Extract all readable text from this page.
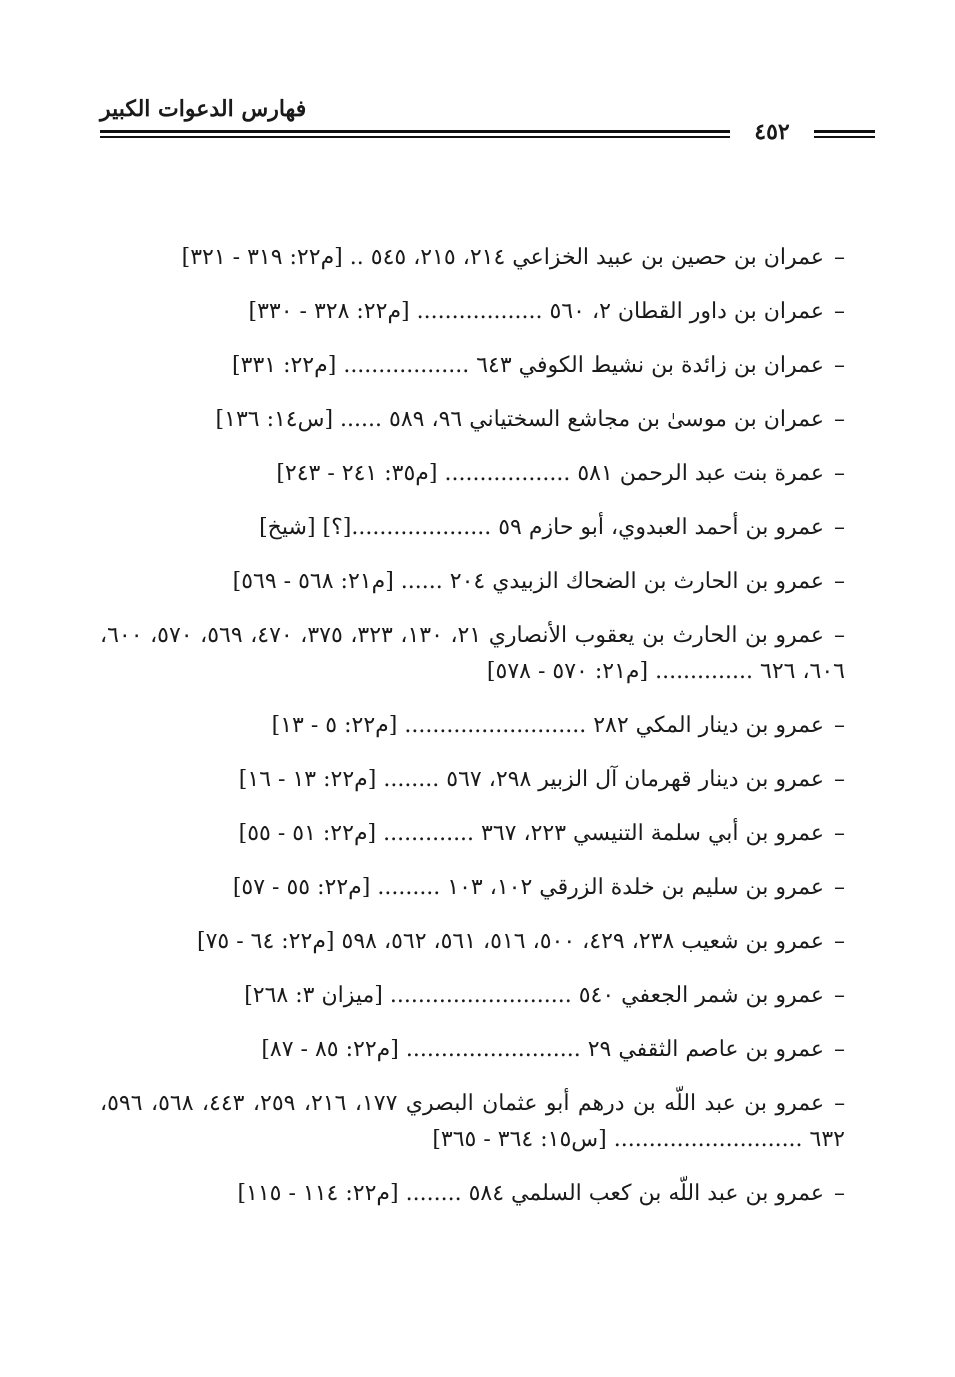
فهارس الدعوات الكبير
٤٥٢
–عمران بن حصين بن عبيد الخزاعي ٢١٤، ٢١٥، ٥٤٥ .. [م٢٢: ٣١٩ - ٣٢١]
–عمران بن داور القطان ٢، ٥٦٠ .................. [م٢٢: ٣٢٨ - ٣٣٠]
–عمران بن زائدة بن نشيط الكوفي ٦٤٣ .................. [م٢٢: ٣٣١]
–عمران بن موسىٰ بن مجاشع السختياني ٩٦، ٥٨٩ ...... [س١٤: ١٣٦]
–عمرة بنت عبد الرحمن ٥٨١ .................. [م٣٥: ٢٤١ - ٢٤٣]
–عمرو بن أحمد العبدوي، أبو حازم ٥٩ ....................[؟] [شيخ]
–عمرو بن الحارث بن الضحاك الزبيدي ٢٠٤ ...... [م٢١: ٥٦٨ - ٥٦٩]
–عمرو بن الحارث بن يعقوب الأنصاري ٢١، ١٣٠، ٣٢٣، ٣٧٥، ٤٧٠، ٥٦٩، ٥٧٠، ٦٠٠، ٦٠٦، ٦٢٦ .............. [م٢١: ٥٧٠ - ٥٧٨]
–عمرو بن دينار المكي ٢٨٢ .......................... [م٢٢: ٥ - ١٣]
–عمرو بن دينار قهرمان آل الزبير ٢٩٨، ٥٦٧ ........ [م٢٢: ١٣ - ١٦]
–عمرو بن أبي سلمة التنيسي ٢٢٣، ٣٦٧ ............. [م٢٢: ٥١ - ٥٥]
–عمرو بن سليم بن خلدة الزرقي ١٠٢، ١٠٣ ......... [م٢٢: ٥٥ - ٥٧]
–عمرو بن شعيب ٢٣٨، ٤٢٩، ٥٠٠، ٥١٦، ٥٦١، ٥٦٢، ٥٩٨ [م٢٢: ٦٤ - ٧٥]
–عمرو بن شمر الجعفي ٥٤٠ .......................... [ميزان ٣: ٢٦٨]
–عمرو بن عاصم الثقفي ٢٩ ......................... [م٢٢: ٨٥ - ٨٧]
–عمرو بن عبد اللّه بن درهم أبو عثمان البصري ١٧٧، ٢١٦، ٢٥٩، ٤٤٣، ٥٦٨، ٥٩٦، ٦٣٢ ........................... [س١٥: ٣٦٤ - ٣٦٥]
–عمرو بن عبد اللّه بن كعب السلمي ٥٨٤ ........ [م٢٢: ١١٤ - ١١٥]
